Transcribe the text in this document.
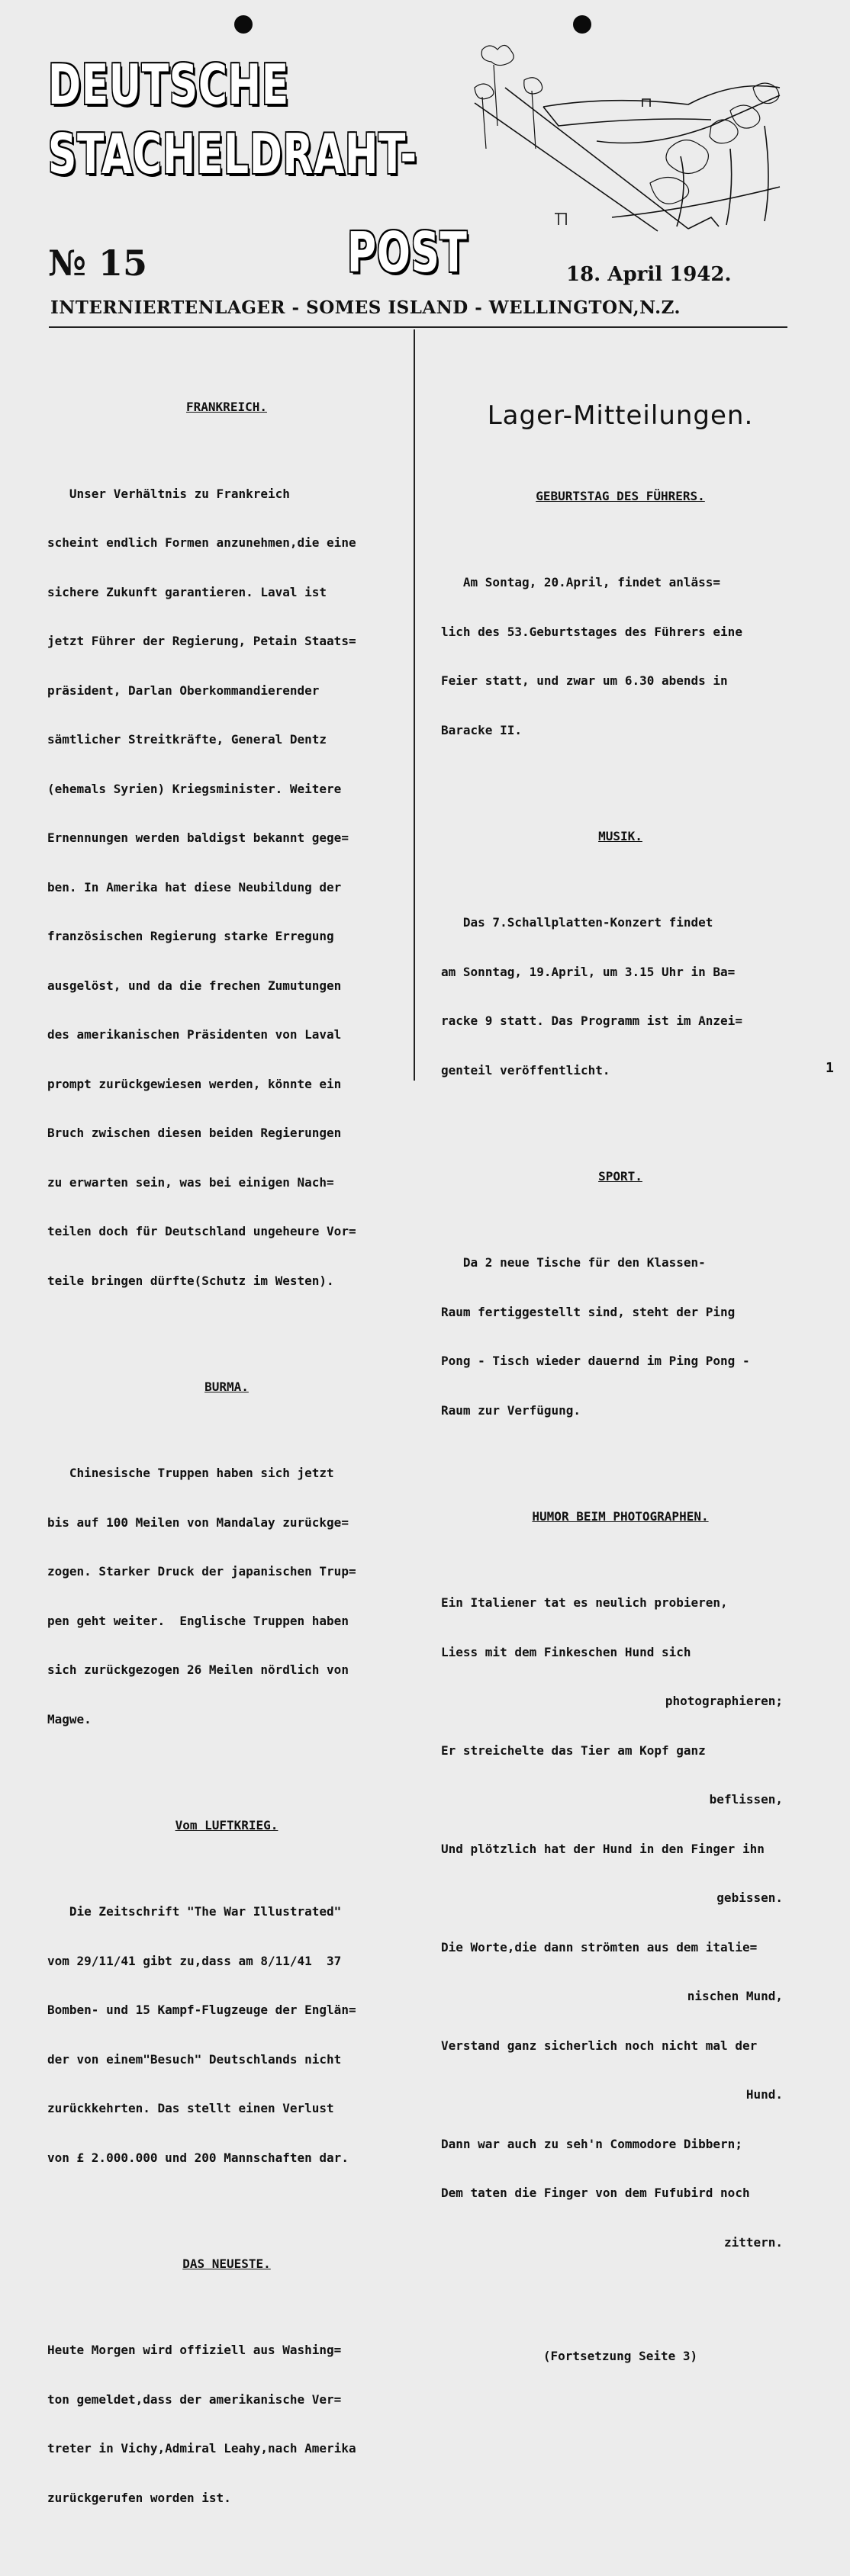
DEUTSCHE
STACHELDRAHT-
POST
№ 15	18. April 1942.
INTERNIERTENLAGER - SOMES ISLAND - WELLINGTON,N.Z.

FRANKREICH.

Unser Verhältnis zu Frankreich

scheint endlich Formen anzunehmen,die eine

sichere Zukunft garantieren. Laval ist

jetzt Führer der Regierung, Petain Staats=

präsident, Darlan Oberkommandierender

sämtlicher Streitkräfte, General Dentz

(ehemals Syrien) Kriegsminister. Weitere

Ernennungen werden baldigst bekannt gege=

ben. In Amerika hat diese Neubildung der

französischen Regierung starke Erregung

ausgelöst, und da die frechen Zumutungen

des amerikanischen Präsidenten von Laval

prompt zurückgewiesen werden, könnte ein

Bruch zwischen diesen beiden Regierungen

zu erwarten sein, was bei einigen Nach=

teilen doch für Deutschland ungeheure Vor=

teile bringen dürfte(Schutz im Westen).

BURMA.

Chinesische Truppen haben sich jetzt

bis auf 100 Meilen von Mandalay zurückge=

zogen. Starker Druck der japanischen Trup=

pen geht weiter.  Englische Truppen haben

sich zurückgezogen 26 Meilen nördlich von

Magwe.

Vom LUFTKRIEG.

Die Zeitschrift "The War Illustrated"

vom 29/11/41 gibt zu,dass am 8/11/41  37

Bomben- und 15 Kampf-Flugzeuge der Englän=

der von einem"Besuch" Deutschlands nicht

zurückkehrten. Das stellt einen Verlust

von £ 2.000.000 und 200 Mannschaften dar.

DAS NEUESTE.

Heute Morgen wird offiziell aus Washing=

ton gemeldet,dass der amerikanische Ver=

treter in Vichy,Admiral Leahy,nach Amerika

zurückgerufen worden ist.

Lager-Mitteilungen.

GEBURTSTAG DES FÜHRERS.

Am Sontag, 20.April, findet anläss=

lich des 53.Geburtstages des Führers eine

Feier statt, und zwar um 6.30 abends in

Baracke II.

MUSIK.

Das 7.Schallplatten-Konzert findet

am Sonntag, 19.April, um 3.15 Uhr in Ba=

racke 9 statt. Das Programm ist im Anzei=

genteil veröffentlicht.

SPORT.

Da 2 neue Tische für den Klassen-

Raum fertiggestellt sind, steht der Ping

Pong - Tisch wieder dauernd im Ping Pong -

Raum zur Verfügung.

HUMOR BEIM PHOTOGRAPHEN.

Ein Italiener tat es neulich probieren,

Liess mit dem Finkeschen Hund sich

photographieren;

Er streichelte das Tier am Kopf ganz

beflissen,

Und plötzlich hat der Hund in den Finger ihn

gebissen.

Die Worte,die dann strömten aus dem italie=

nischen Mund,

Verstand ganz sicherlich noch nicht mal der

Hund.

Dann war auch zu seh'n Commodore Dibbern;

Dem taten die Finger von dem Fufubird noch

zittern.

(Fortsetzung Seite 3)

1
